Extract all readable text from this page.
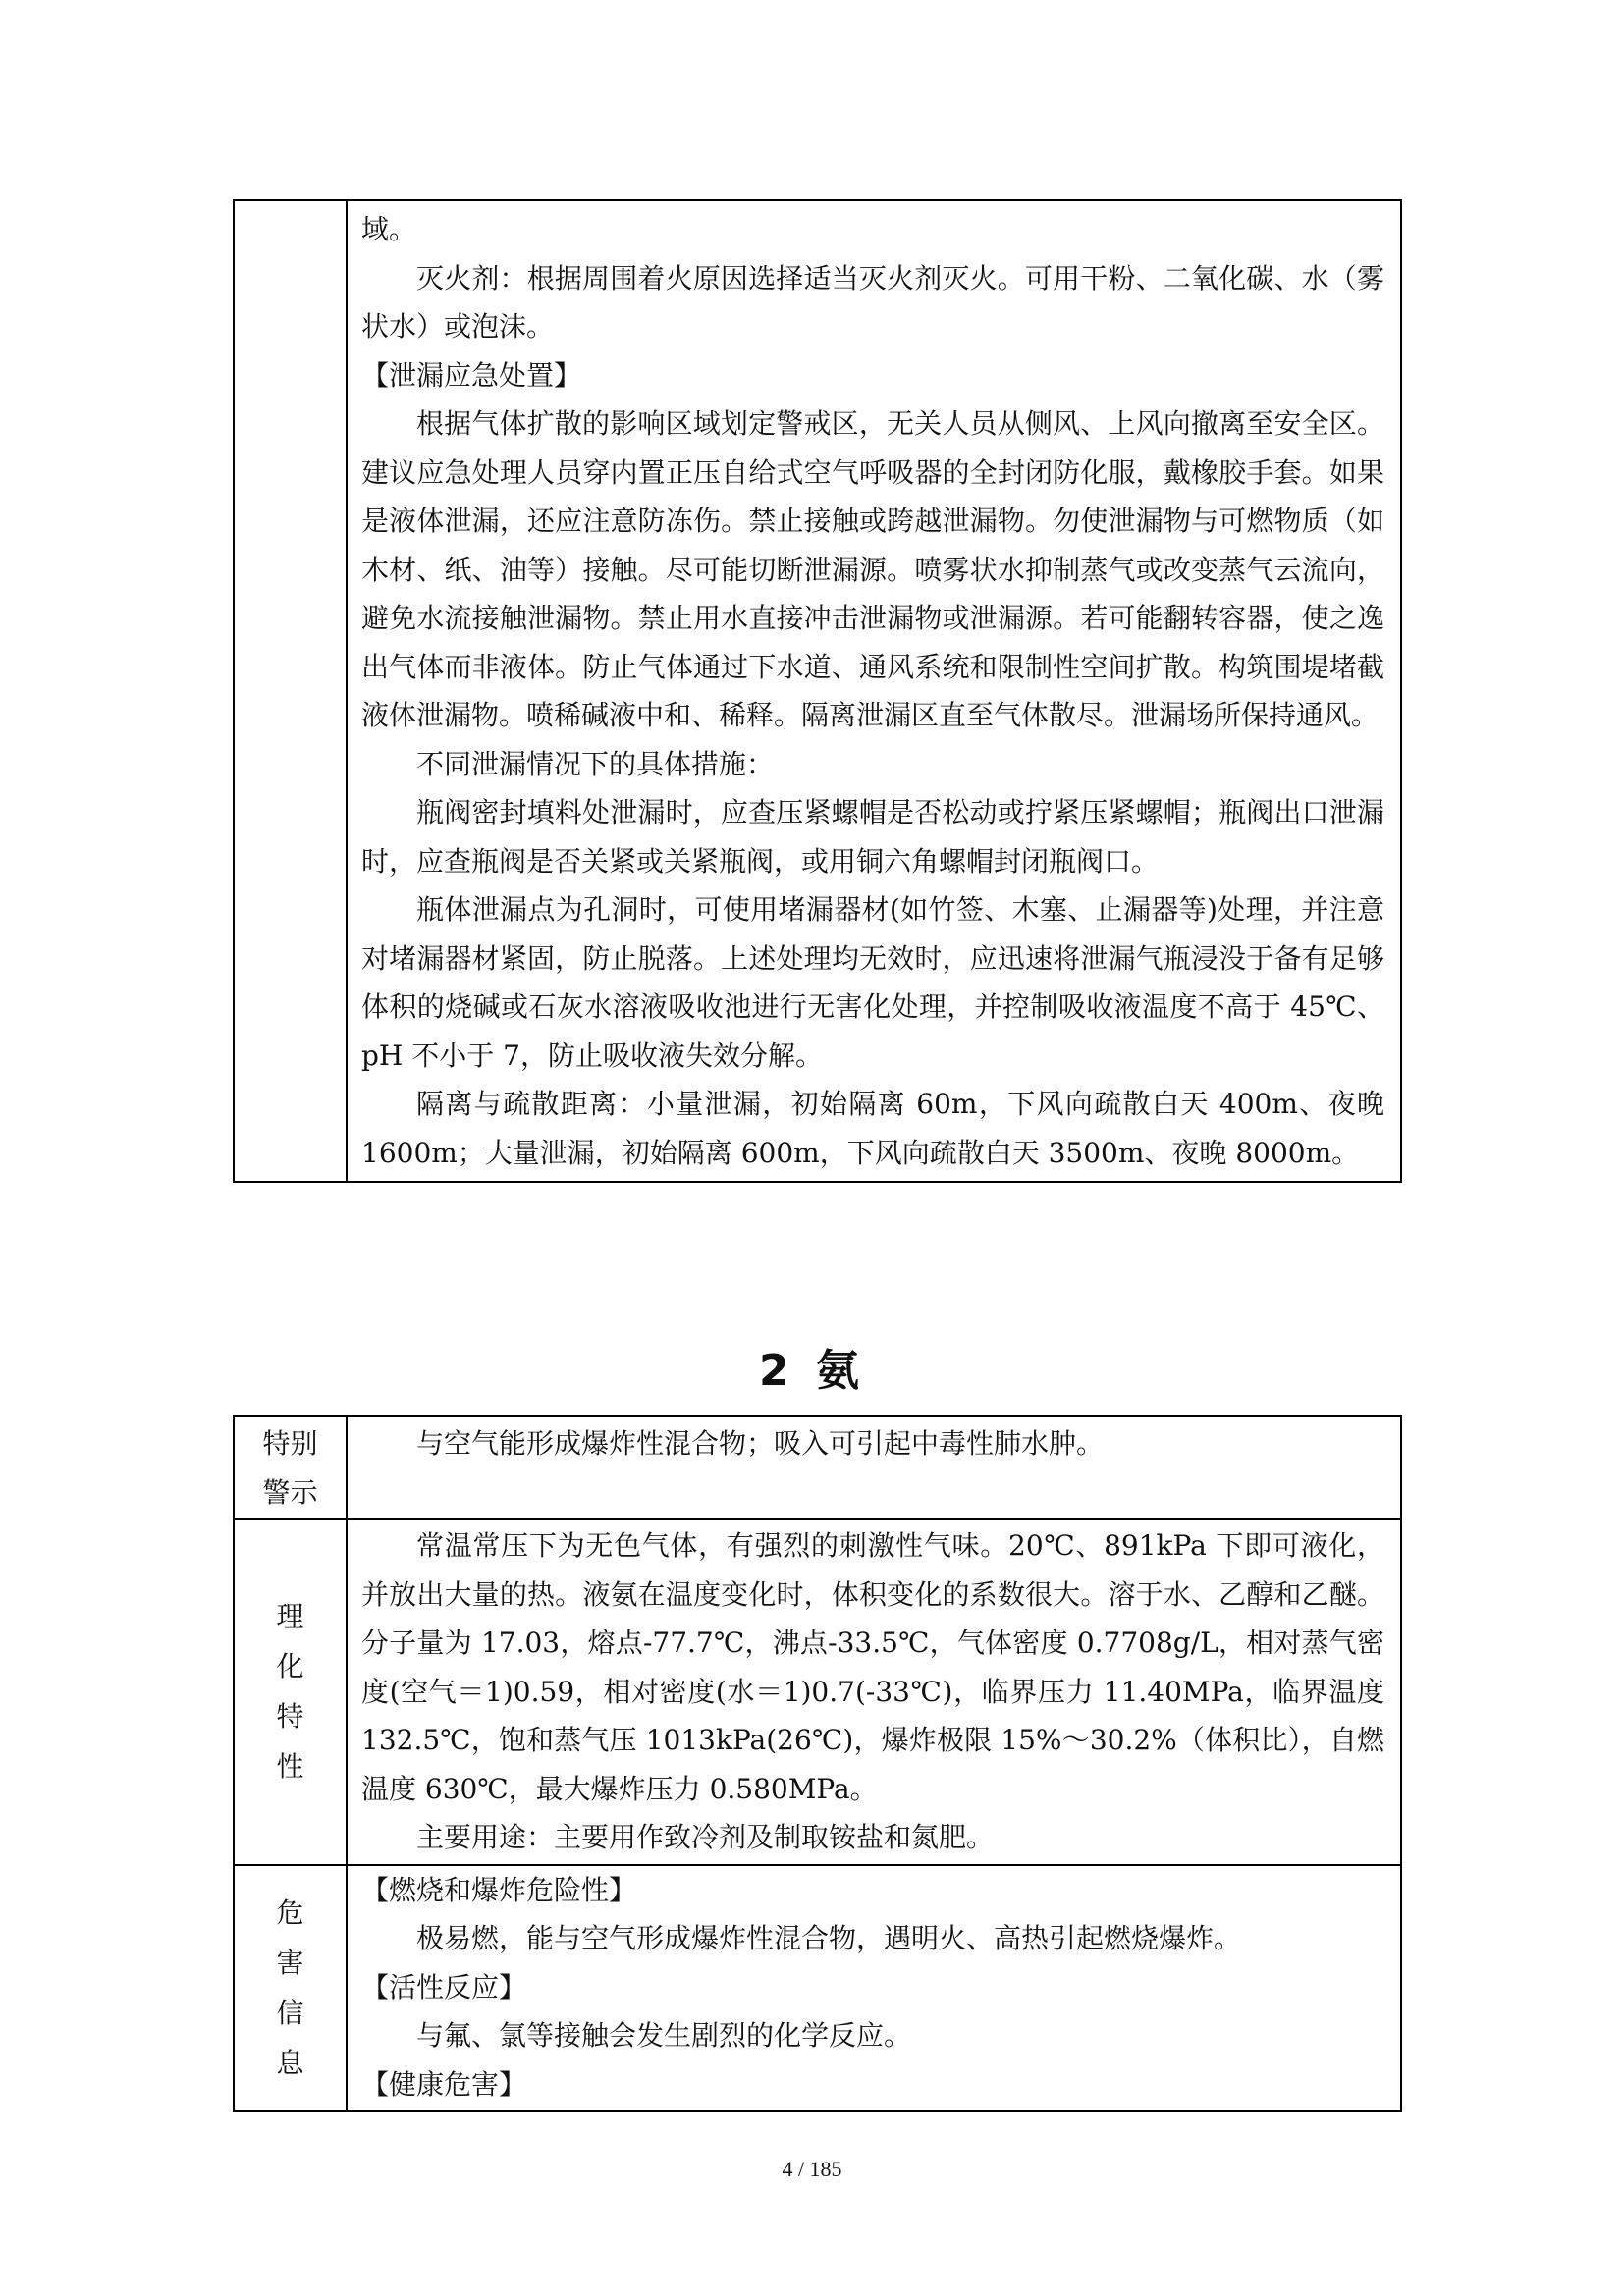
域。

灭火剂：根据周围着火原因选择适当灭火剂灭火。可用干粉、二氧化碳、水（雾状水）或泡沫。

【泄漏应急处置】

根据气体扩散的影响区域划定警戒区，无关人员从侧风、上风向撤离至安全区。建议应急处理人员穿内置正压自给式空气呼吸器的全封闭防化服，戴橡胶手套。如果是液体泄漏，还应注意防冻伤。禁止接触或跨越泄漏物。勿使泄漏物与可燃物质（如木材、纸、油等）接触。尽可能切断泄漏源。喷雾状水抑制蒸气或改变蒸气云流向，避免水流接触泄漏物。禁止用水直接冲击泄漏物或泄漏源。若可能翻转容器，使之逸出气体而非液体。防止气体通过下水道、通风系统和限制性空间扩散。构筑围堤堵截液体泄漏物。喷稀碱液中和、稀释。隔离泄漏区直至气体散尽。泄漏场所保持通风。

不同泄漏情况下的具体措施：

瓶阀密封填料处泄漏时，应查压紧螺帽是否松动或拧紧压紧螺帽；瓶阀出口泄漏时，应查瓶阀是否关紧或关紧瓶阀，或用铜六角螺帽封闭瓶阀口。

瓶体泄漏点为孔洞时，可使用堵漏器材(如竹签、木塞、止漏器等)处理，并注意对堵漏器材紧固，防止脱落。上述处理均无效时，应迅速将泄漏气瓶浸没于备有足够体积的烧碱或石灰水溶液吸收池进行无害化处理，并控制吸收液温度不高于 45℃、pH 不小于 7，防止吸收液失效分解。

隔离与疏散距离：小量泄漏，初始隔离 60m，下风向疏散白天 400m、夜晚 1600m；大量泄漏，初始隔离 600m，下风向疏散白天 3500m、夜晚 8000m。

2 氨
特别警示	与空气能形成爆炸性混合物；吸入可引起中毒性肺水肿。

理化特性	常温常压下为无色气体，有强烈的刺激性气味。20℃、891kPa 下即可液化，并放出大量的热。液氨在温度变化时，体积变化的系数很大。溶于水、乙醇和乙醚。分子量为 17.03，熔点-77.7℃，沸点-33.5℃，气体密度 0.7708g/L，相对蒸气密度(空气＝1)0.59，相对密度(水＝1)0.7(-33℃)，临界压力 11.40MPa，临界温度 132.5℃，饱和蒸气压 1013kPa(26℃)，爆炸极限 15%～30.2%（体积比），自燃温度 630℃，最大爆炸压力 0.580MPa。

主要用途：主要用作致冷剂及制取铵盐和氮肥。

危害信息	【燃烧和爆炸危险性】

极易燃，能与空气形成爆炸性混合物，遇明火、高热引起燃烧爆炸。

【活性反应】

与氟、氯等接触会发生剧烈的化学反应。

【健康危害】

4 / 185
